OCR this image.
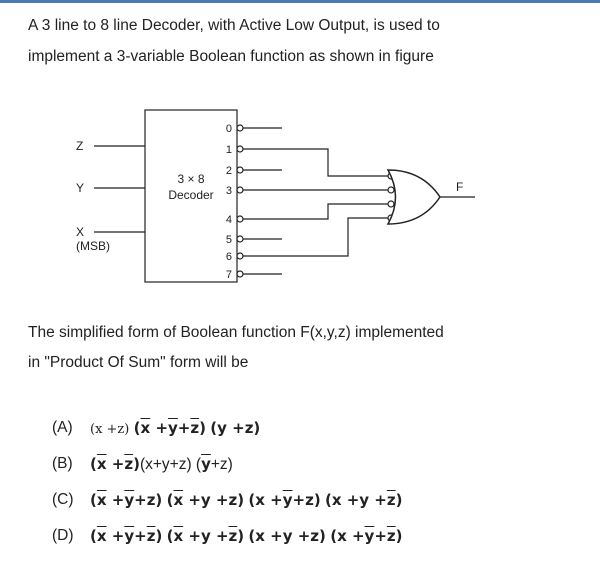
A 3 line to 8 line Decoder, with Active Low Output, is used to

implement a 3-variable Boolean function as shown in figure

3 × 8
Decoder
Z
Y
X
(MSB)
0
1
2
3
4
5
6
7
F

The simplified form of Boolean function F(x,y,z) implemented

in "Product Of Sum" form will be

(A)	(x +z) $(\overline{x} +\overline{y}+\overline{z})$ (y +z)
(B)	$(\overline{x} +\overline{z})(x+y+z)$ $(\overline{y}+z)$
(C)	$(\overline{x} +\overline{y}+z)$ $(\overline{x} +y +z)$ $(x +\overline{y}+z)$ $(x +y +\overline{z})$
(D)	$(\overline{x} +\overline{y}+\overline{z})$ $(\overline{x} +y +\overline{z})$ (x +y +z) $(x +\overline{y}+\overline{z})$
